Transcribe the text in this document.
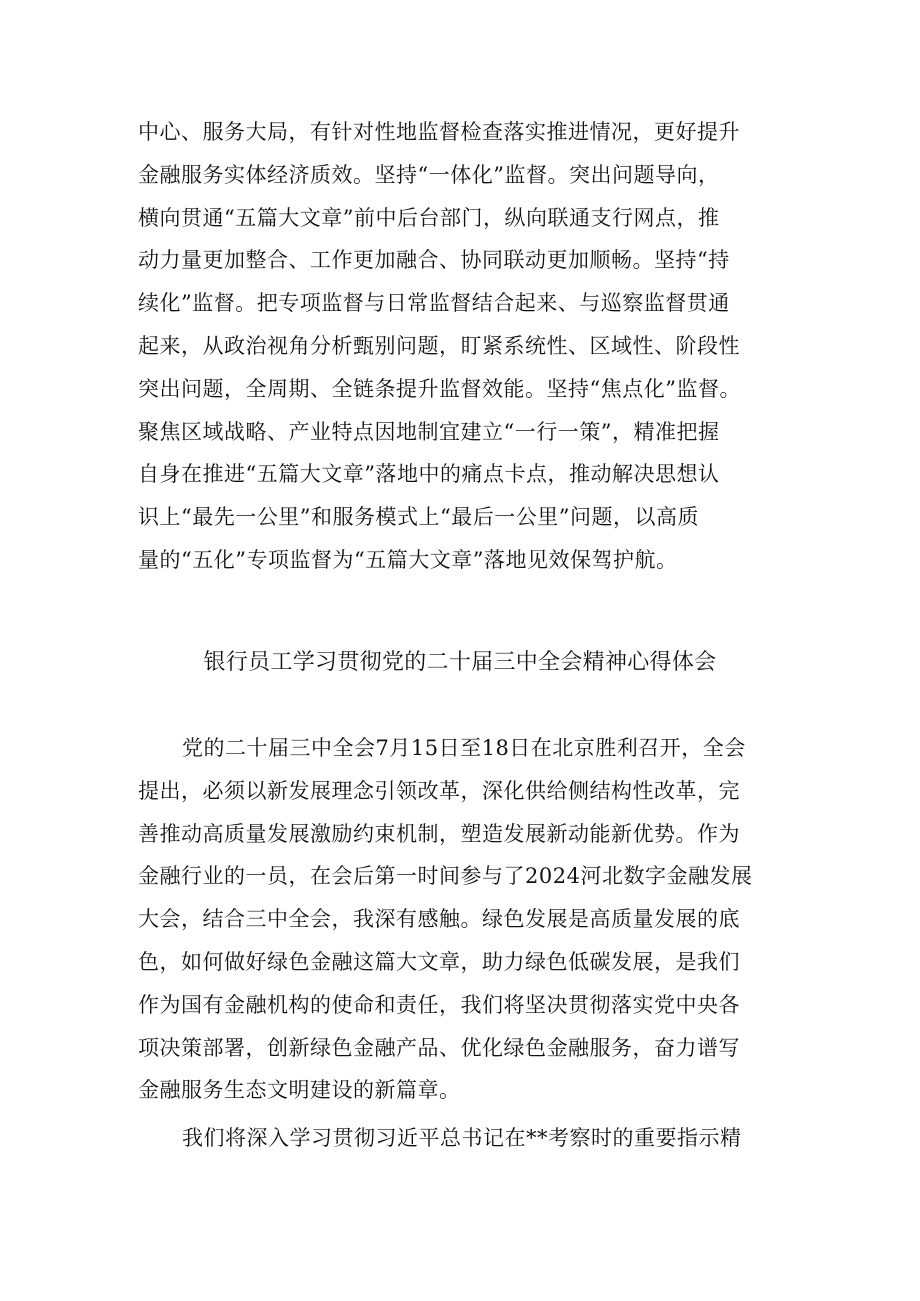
中心、服务大局，有针对性地监督检查落实推进情况，更好提升
金融服务实体经济质效。坚持“一体化”监督。突出问题导向，
横向贯通“五篇大文章”前中后台部门，纵向联通支行网点，推
动力量更加整合、工作更加融合、协同联动更加顺畅。坚持“持
续化”监督。把专项监督与日常监督结合起来、与巡察监督贯通
起来，从政治视角分析甄别问题，盯紧系统性、区域性、阶段性
突出问题，全周期、全链条提升监督效能。坚持“焦点化”监督。
聚焦区域战略、产业特点因地制宜建立“一行一策”，精准把握
自身在推进“五篇大文章”落地中的痛点卡点，推动解决思想认
识上“最先一公里”和服务模式上“最后一公里”问题，以高质
量的“五化”专项监督为“五篇大文章”落地见效保驾护航。
银行员工学习贯彻党的二十届三中全会精神心得体会
党的二十届三中全会7月15日至18日在北京胜利召开，全会
提出，必须以新发展理念引领改革，深化供给侧结构性改革，完
善推动高质量发展激励约束机制，塑造发展新动能新优势。作为
金融行业的一员，在会后第一时间参与了2024河北数字金融发展
大会，结合三中全会，我深有感触。绿色发展是高质量发展的底
色，如何做好绿色金融这篇大文章，助力绿色低碳发展，是我们
作为国有金融机构的使命和责任，我们将坚决贯彻落实党中央各
项决策部署，创新绿色金融产品、优化绿色金融服务，奋力谱写
金融服务生态文明建设的新篇章。
我们将深入学习贯彻习近平总书记在**考察时的重要指示精
